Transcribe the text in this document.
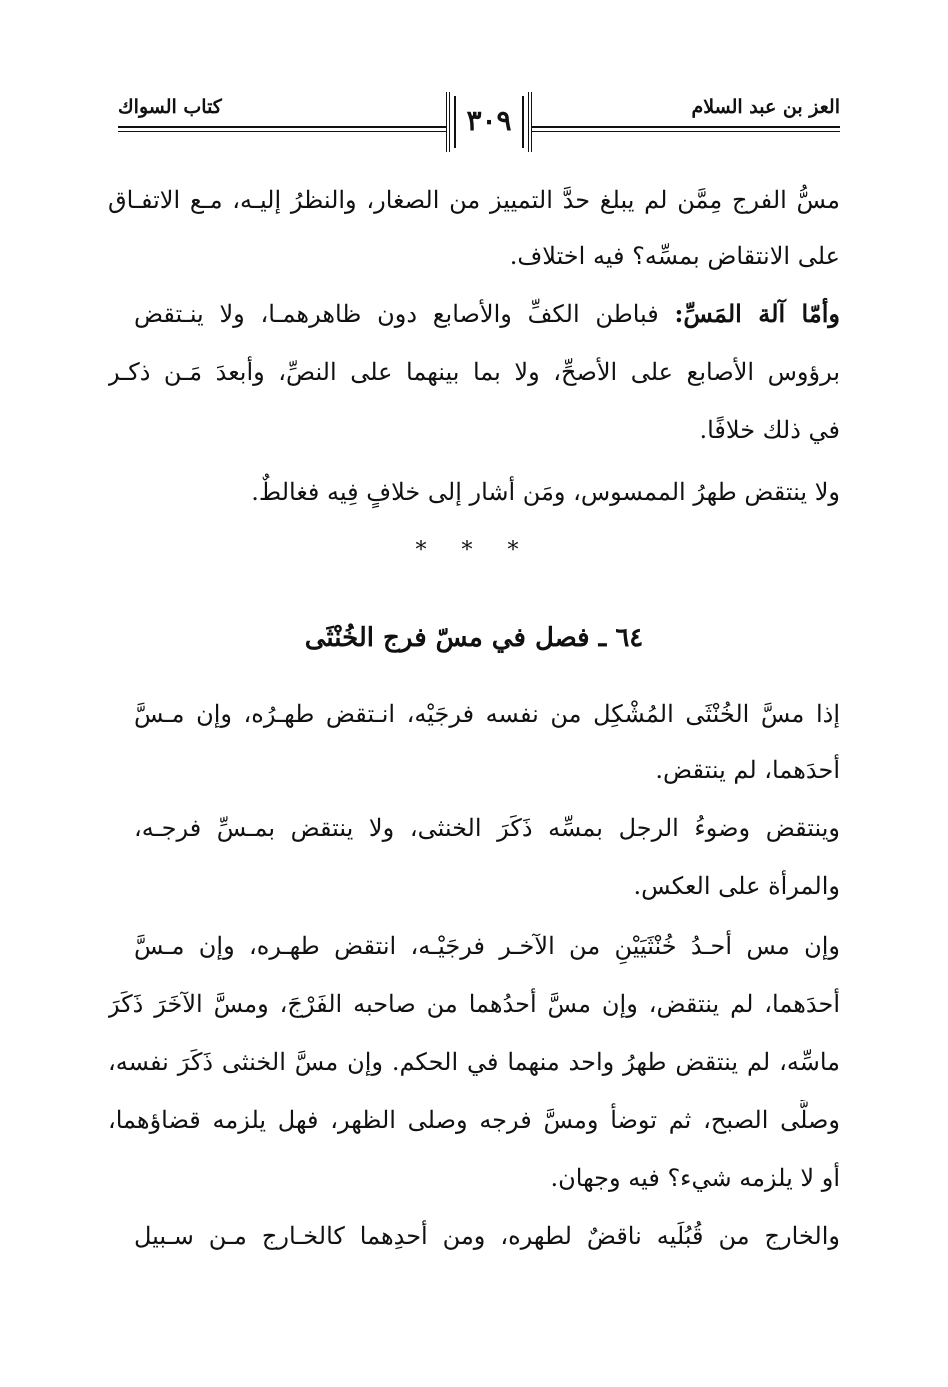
العز بن عبد السلام
كتاب السواك	٣٠٩
مسُّ الفرج مِمَّن لم يبلغ حدَّ التمييز من الصغار، والنظرُ إليـه، مـع الاتفـاق
على الانتقاض بمسِّه؟ فيه اختلاف.
وأمّا آلة المَسِّ: فباطن الكفِّ والأصابع دون ظاهرهمـا، ولا ينـتقض
برؤوس الأصابع على الأصحِّ، ولا بما بينهما على النصِّ، وأبعدَ مَـن ذكـر
في ذلك خلافًا.
ولا ينتقض طهرُ الممسوس، ومَن أشار إلى خلافٍ فِيه فغالطٌ.
* * *
٦٤ ـ فصل في مسّ فرج الخُنْثَى
إذا مسَّ الخُنْثَى المُشْكِل من نفسه فرجَيْه، انـتقض طهـرُه، وإن مـسَّ
أحدَهما، لم ينتقض.
وينتقض وضوءُ الرجل بمسِّه ذَكَرَ الخنثى، ولا ينتقض بمـسِّ فرجـه،
والمرأة على العكس.
وإن مس أحـدُ خُنْثَيَيْنِ من الآخـر فرجَيْـه، انتقض طهـره، وإن مـسَّ
أحدَهما، لم ينتقض، وإن مسَّ أحدُهما من صاحبه الفَرْجَ، ومسَّ الآخَرَ ذَكَرَ
ماسِّه، لم ينتقض طهرُ واحد منهما في الحكم. وإن مسَّ الخنثى ذَكَرَ نفسه،
وصلَّى الصبح، ثم توضأ ومسَّ فرجه وصلى الظهر، فهل يلزمه قضاؤهما،
أو لا يلزمه شيء؟ فيه وجهان.
والخارج من قُبُلَيه ناقضٌ لطهره، ومن أحدِهما كالخـارج مـن سـبيل
